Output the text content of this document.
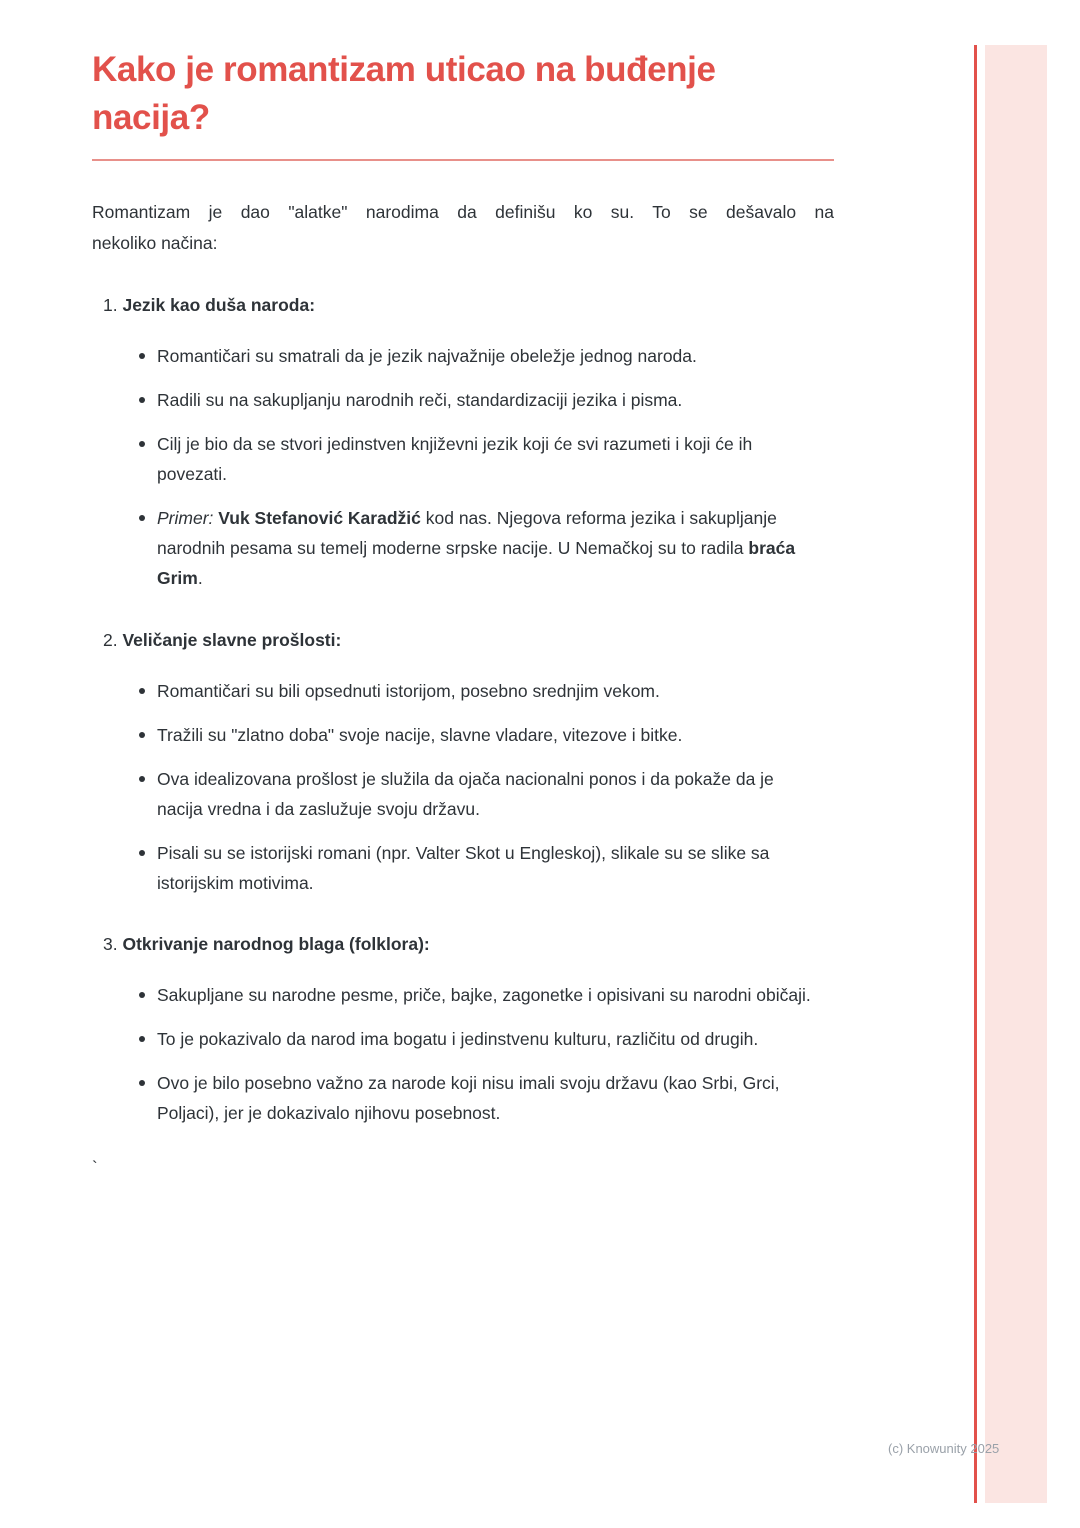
Kako je romantizam uticao na buđenje nacija?

Romantizam je dao "alatke" narodima da definišu ko su. To se dešavalo nanekoliko načina:

1. Jezik kao duša naroda:
Romantičari su smatrali da je jezik najvažnije obeležje jednog naroda.
Radili su na sakupljanju narodnih reči, standardizaciji jezika i pisma.
Cilj je bio da se stvori jedinstven književni jezik koji će svi razumeti i koji će ih povezati.
Primer: Vuk Stefanović Karadžić kod nas. Njegova reforma jezika i sakupljanje narodnih pesama su temelj moderne srpske nacije. U Nemačkoj su to radila braća Grim.
2. Veličanje slavne prošlosti:
Romantičari su bili opsednuti istorijom, posebno srednjim vekom.
Tražili su "zlatno doba" svoje nacije, slavne vladare, vitezove i bitke.
Ova idealizovana prošlost je služila da ojača nacionalni ponos i da pokaže da je nacija vredna i da zaslužuje svoju državu.
Pisali su se istorijski romani (npr. Valter Skot u Engleskoj), slikale su se slike sa istorijskim motivima.
3. Otkrivanje narodnog blaga (folklora):
Sakupljane su narodne pesme, priče, bajke, zagonetke i opisivani su narodni običaji.
To je pokazivalo da narod ima bogatu i jedinstvenu kulturu, različitu od drugih.
Ovo je bilo posebno važno za narode koji nisu imali svoju državu (kao Srbi, Grci, Poljaci), jer je dokazivalo njihovu posebnost.
`
(c) Knowunity 2025
